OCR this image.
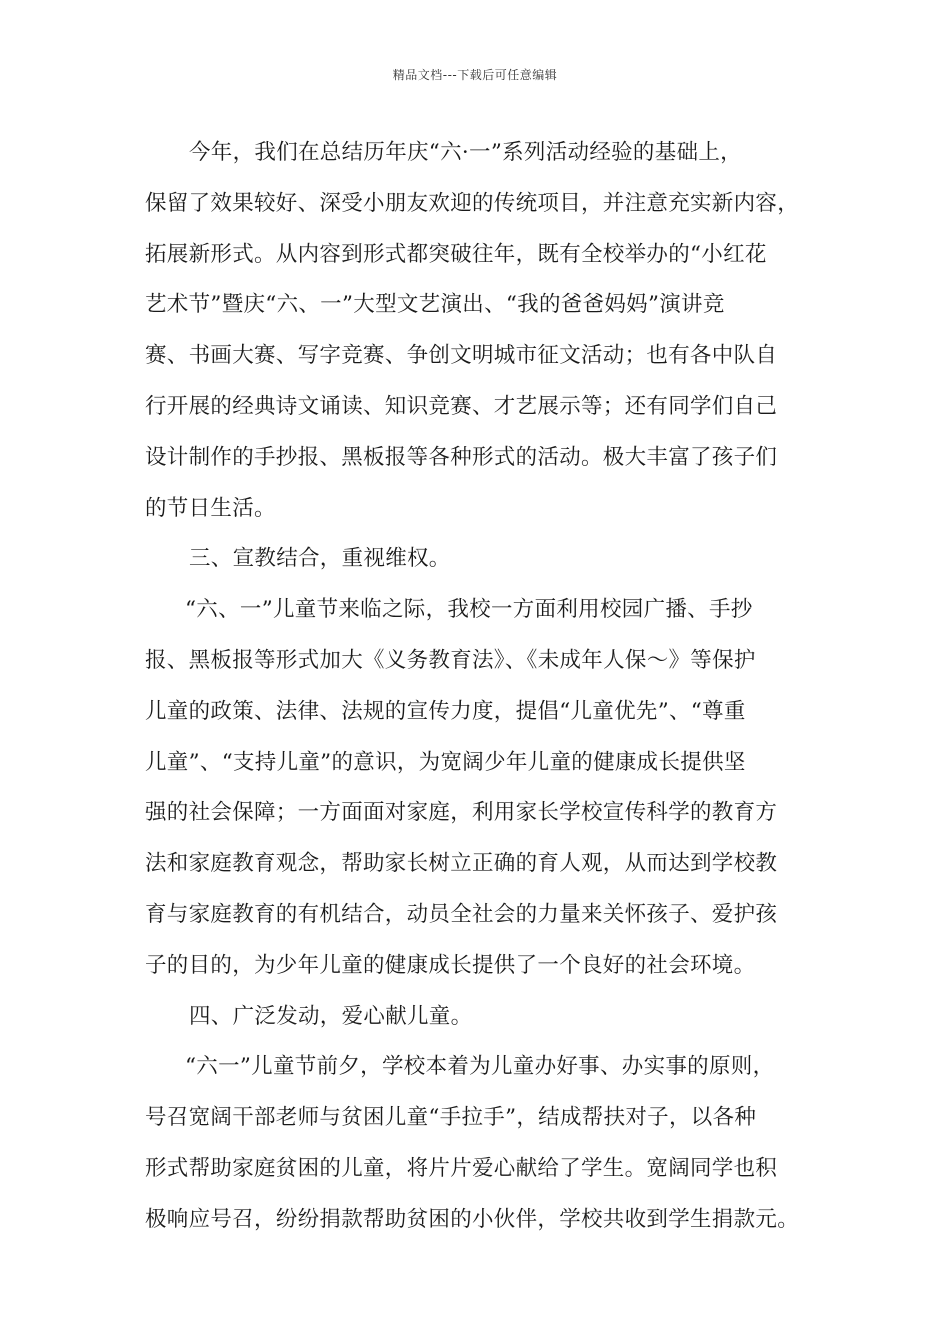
精品文档---下载后可任意编辑
今年，我们在总结历年庆“六·一”系列活动经验的基础上，
保留了效果较好、深受小朋友欢迎的传统项目，并注意充实新内容，
拓展新形式。从内容到形式都突破往年，既有全校举办的“小红花
艺术节”暨庆“六、一”大型文艺演出、“我的爸爸妈妈”演讲竞
赛、书画大赛、写字竞赛、争创文明城市征文活动；也有各中队自
行开展的经典诗文诵读、知识竞赛、才艺展示等；还有同学们自己
设计制作的手抄报、黑板报等各种形式的活动。极大丰富了孩子们
的节日生活。
三、宣教结合，重视维权。
“六、一”儿童节来临之际，我校一方面利用校园广播、手抄
报、黑板报等形式加大《义务教育法》、《未成年人保～》等保护
儿童的政策、法律、法规的宣传力度，提倡“儿童优先”、“尊重
儿童”、“支持儿童”的意识，为宽阔少年儿童的健康成长提供坚
强的社会保障；一方面面对家庭，利用家长学校宣传科学的教育方
法和家庭教育观念，帮助家长树立正确的育人观，从而达到学校教
育与家庭教育的有机结合，动员全社会的力量来关怀孩子、爱护孩
子的目的，为少年儿童的健康成长提供了一个良好的社会环境。
四、广泛发动，爱心献儿童。
“六一”儿童节前夕，学校本着为儿童办好事、办实事的原则，
号召宽阔干部老师与贫困儿童“手拉手”，结成帮扶对子，以各种
形式帮助家庭贫困的儿童，将片片爱心献给了学生。宽阔同学也积
极响应号召，纷纷捐款帮助贫困的小伙伴，学校共收到学生捐款元。
